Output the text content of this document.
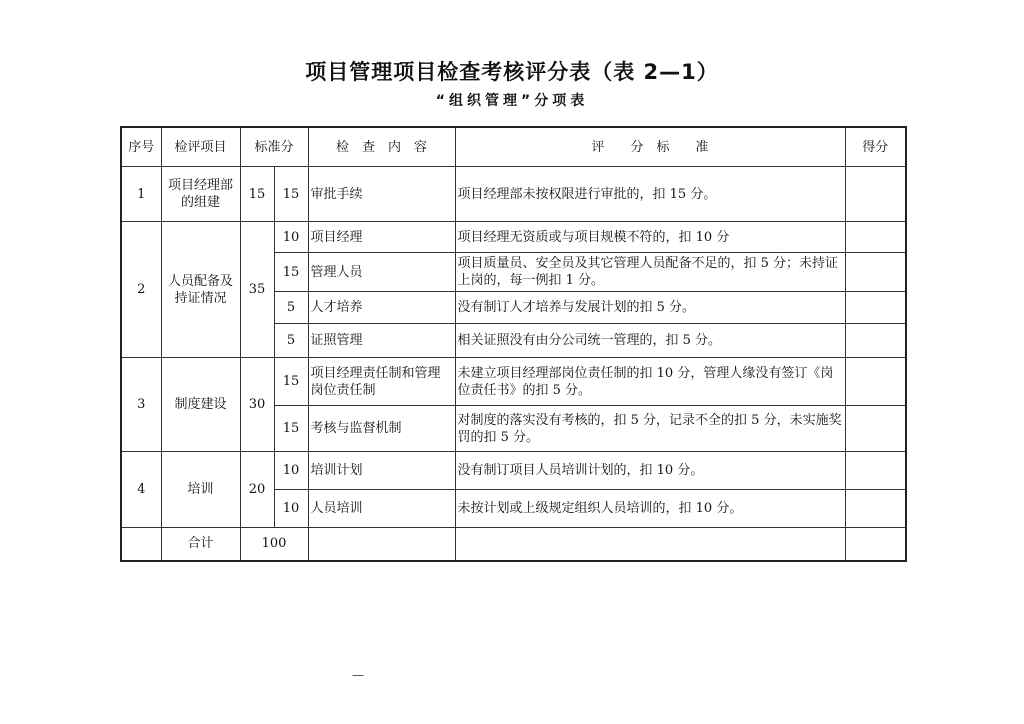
项目管理项目检查考核评分表（表 2—1）
“组织管理”分项表
序号	检评项目	标准分		检　查　内　容	评　　分　标　　准	得分
1	项目经理部的组建	15	15	审批手续	项目经理部未按权限进行审批的，扣 15 分。	
2	人员配备及持证情况	35	10	项目经理	项目经理无资质或与项目规模不符的，扣 10 分	
			15	管理人员	项目质量员、安全员及其它管理人员配备不足的，扣 5 分；未持证上岗的，每一例扣 1 分。	
			5	人才培养	没有制订人才培养与发展计划的扣 5 分。	
			5	证照管理	相关证照没有由分公司统一管理的，扣 5 分。	
3	制度建设	30	15	项目经理责任制和管理岗位责任制	未建立项目经理部岗位责任制的扣 10 分，管理人缘没有签订《岗位责任书》的扣 5 分。	
			15	考核与监督机制	对制度的落实没有考核的，扣 5 分，记录不全的扣 5 分，未实施奖罚的扣 5 分。	
4	培训	20	10	培训计划	没有制订项目人员培训计划的，扣 10 分。	
			10	人员培训	未按计划或上级规定组织人员培训的，扣 10 分。	
	合计	100				
—
